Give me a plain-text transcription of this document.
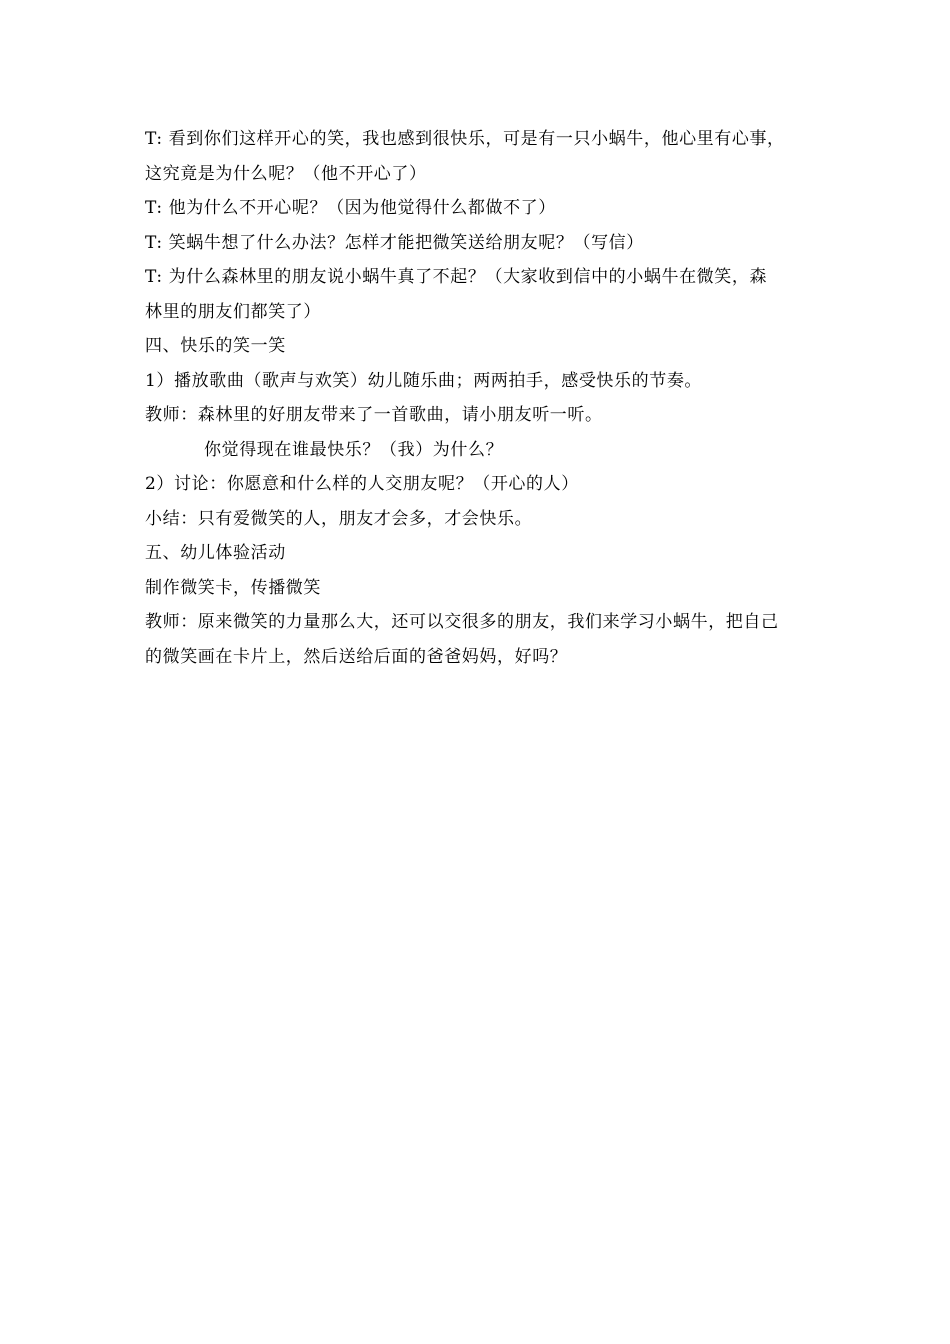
T: 看到你们这样开心的笑，我也感到很快乐，可是有一只小蜗牛，他心里有心事，
这究竟是为什么呢？（他不开心了）
T: 他为什么不开心呢？（因为他觉得什么都做不了）
T: 笑蜗牛想了什么办法？怎样才能把微笑送给朋友呢？（写信）
T: 为什么森林里的朋友说小蜗牛真了不起？（大家收到信中的小蜗牛在微笑，森
林里的朋友们都笑了）
四、快乐的笑一笑
1）播放歌曲（歌声与欢笑）幼儿随乐曲；两两拍手，感受快乐的节奏。
教师：森林里的好朋友带来了一首歌曲，请小朋友听一听。
你觉得现在谁最快乐？（我）为什么？
2）讨论：你愿意和什么样的人交朋友呢？（开心的人）
小结：只有爱微笑的人，朋友才会多，才会快乐。
五、幼儿体验活动
制作微笑卡，传播微笑
教师：原来微笑的力量那么大，还可以交很多的朋友，我们来学习小蜗牛，把自己
的微笑画在卡片上，然后送给后面的爸爸妈妈，好吗？
